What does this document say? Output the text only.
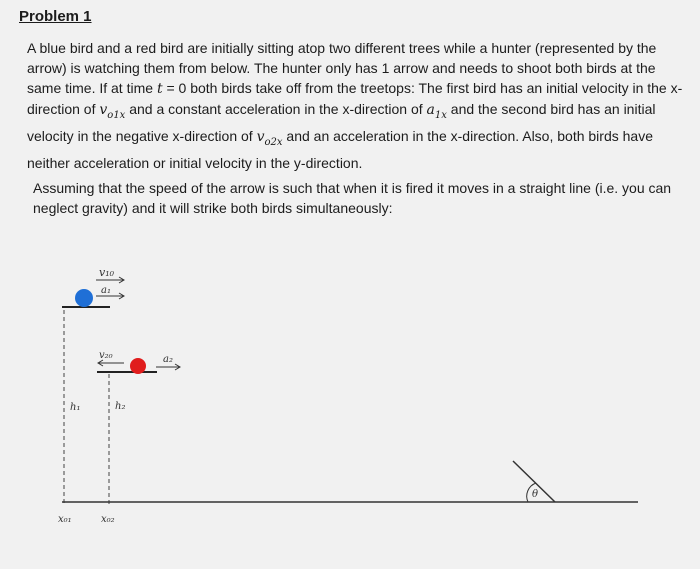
Problem 1

A blue bird and a red bird are initially sitting atop two different trees while a hunter (represented by the arrow) is watching them from below. The hunter only has 1 arrow and needs to shoot both birds at the same time. If at time t = 0 both birds take off from the treetops: The first bird has an initial velocity in the x-direction of $v_{o1x}$ and a constant acceleration in the x-direction of $a_{1x}$ and the second bird has an initial velocity in the negative x-direction of $v_{o2x}$ and an acceleration in the x-direction. Also, both birds have neither acceleration or initial velocity in the y-direction.

Assuming that the speed of the arrow is such that when it is fired it moves in a straight line (i.e. you can neglect gravity) and it will strike both birds simultaneously:

v₁₀
a₁
v₂₀	a₂
h₁	h₂
x₀₁	x₀₂
θ
